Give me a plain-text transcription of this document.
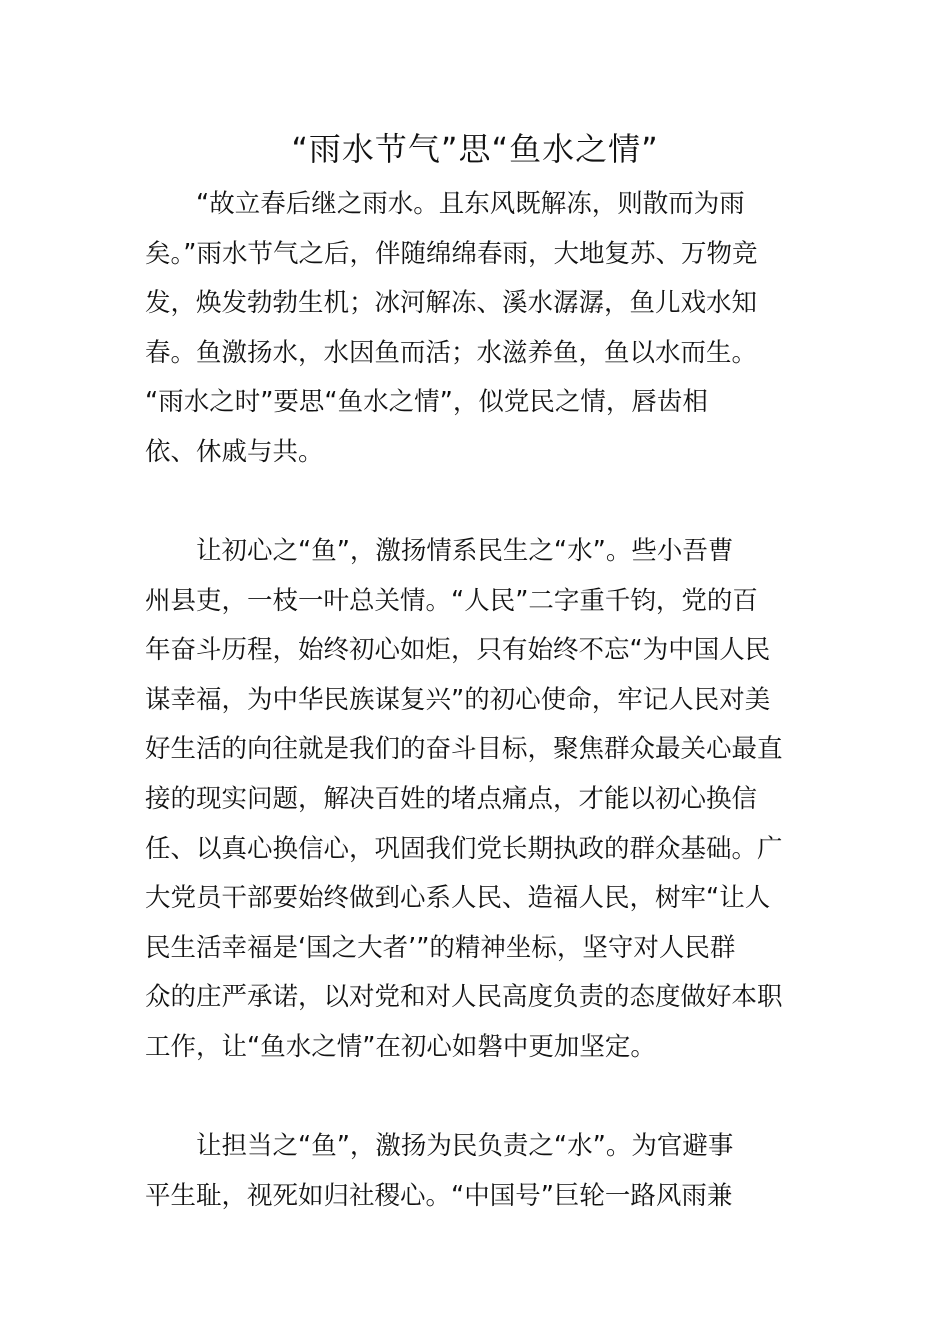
“雨水节气”思“鱼水之情”
“故立春后继之雨水。且东风既解冻，则散而为雨
矣。”雨水节气之后，伴随绵绵春雨，大地复苏、万物竞
发，焕发勃勃生机；冰河解冻、溪水潺潺，鱼儿戏水知
春。鱼激扬水，水因鱼而活；水滋养鱼，鱼以水而生。
“雨水之时”要思“鱼水之情”，似党民之情，唇齿相
依、休戚与共。
让初心之“鱼”，激扬情系民生之“水”。些小吾曹
州县吏，一枝一叶总关情。“人民”二字重千钧，党的百
年奋斗历程，始终初心如炬，只有始终不忘“为中国人民
谋幸福，为中华民族谋复兴”的初心使命，牢记人民对美
好生活的向往就是我们的奋斗目标，聚焦群众最关心最直
接的现实问题，解决百姓的堵点痛点，才能以初心换信
任、以真心换信心，巩固我们党长期执政的群众基础。广
大党员干部要始终做到心系人民、造福人民，树牢“让人
民生活幸福是‘国之大者’”的精神坐标，坚守对人民群
众的庄严承诺，以对党和对人民高度负责的态度做好本职
工作，让“鱼水之情”在初心如磐中更加坚定。
让担当之“鱼”，激扬为民负责之“水”。为官避事
平生耻，视死如归社稷心。“中国号”巨轮一路风雨兼
